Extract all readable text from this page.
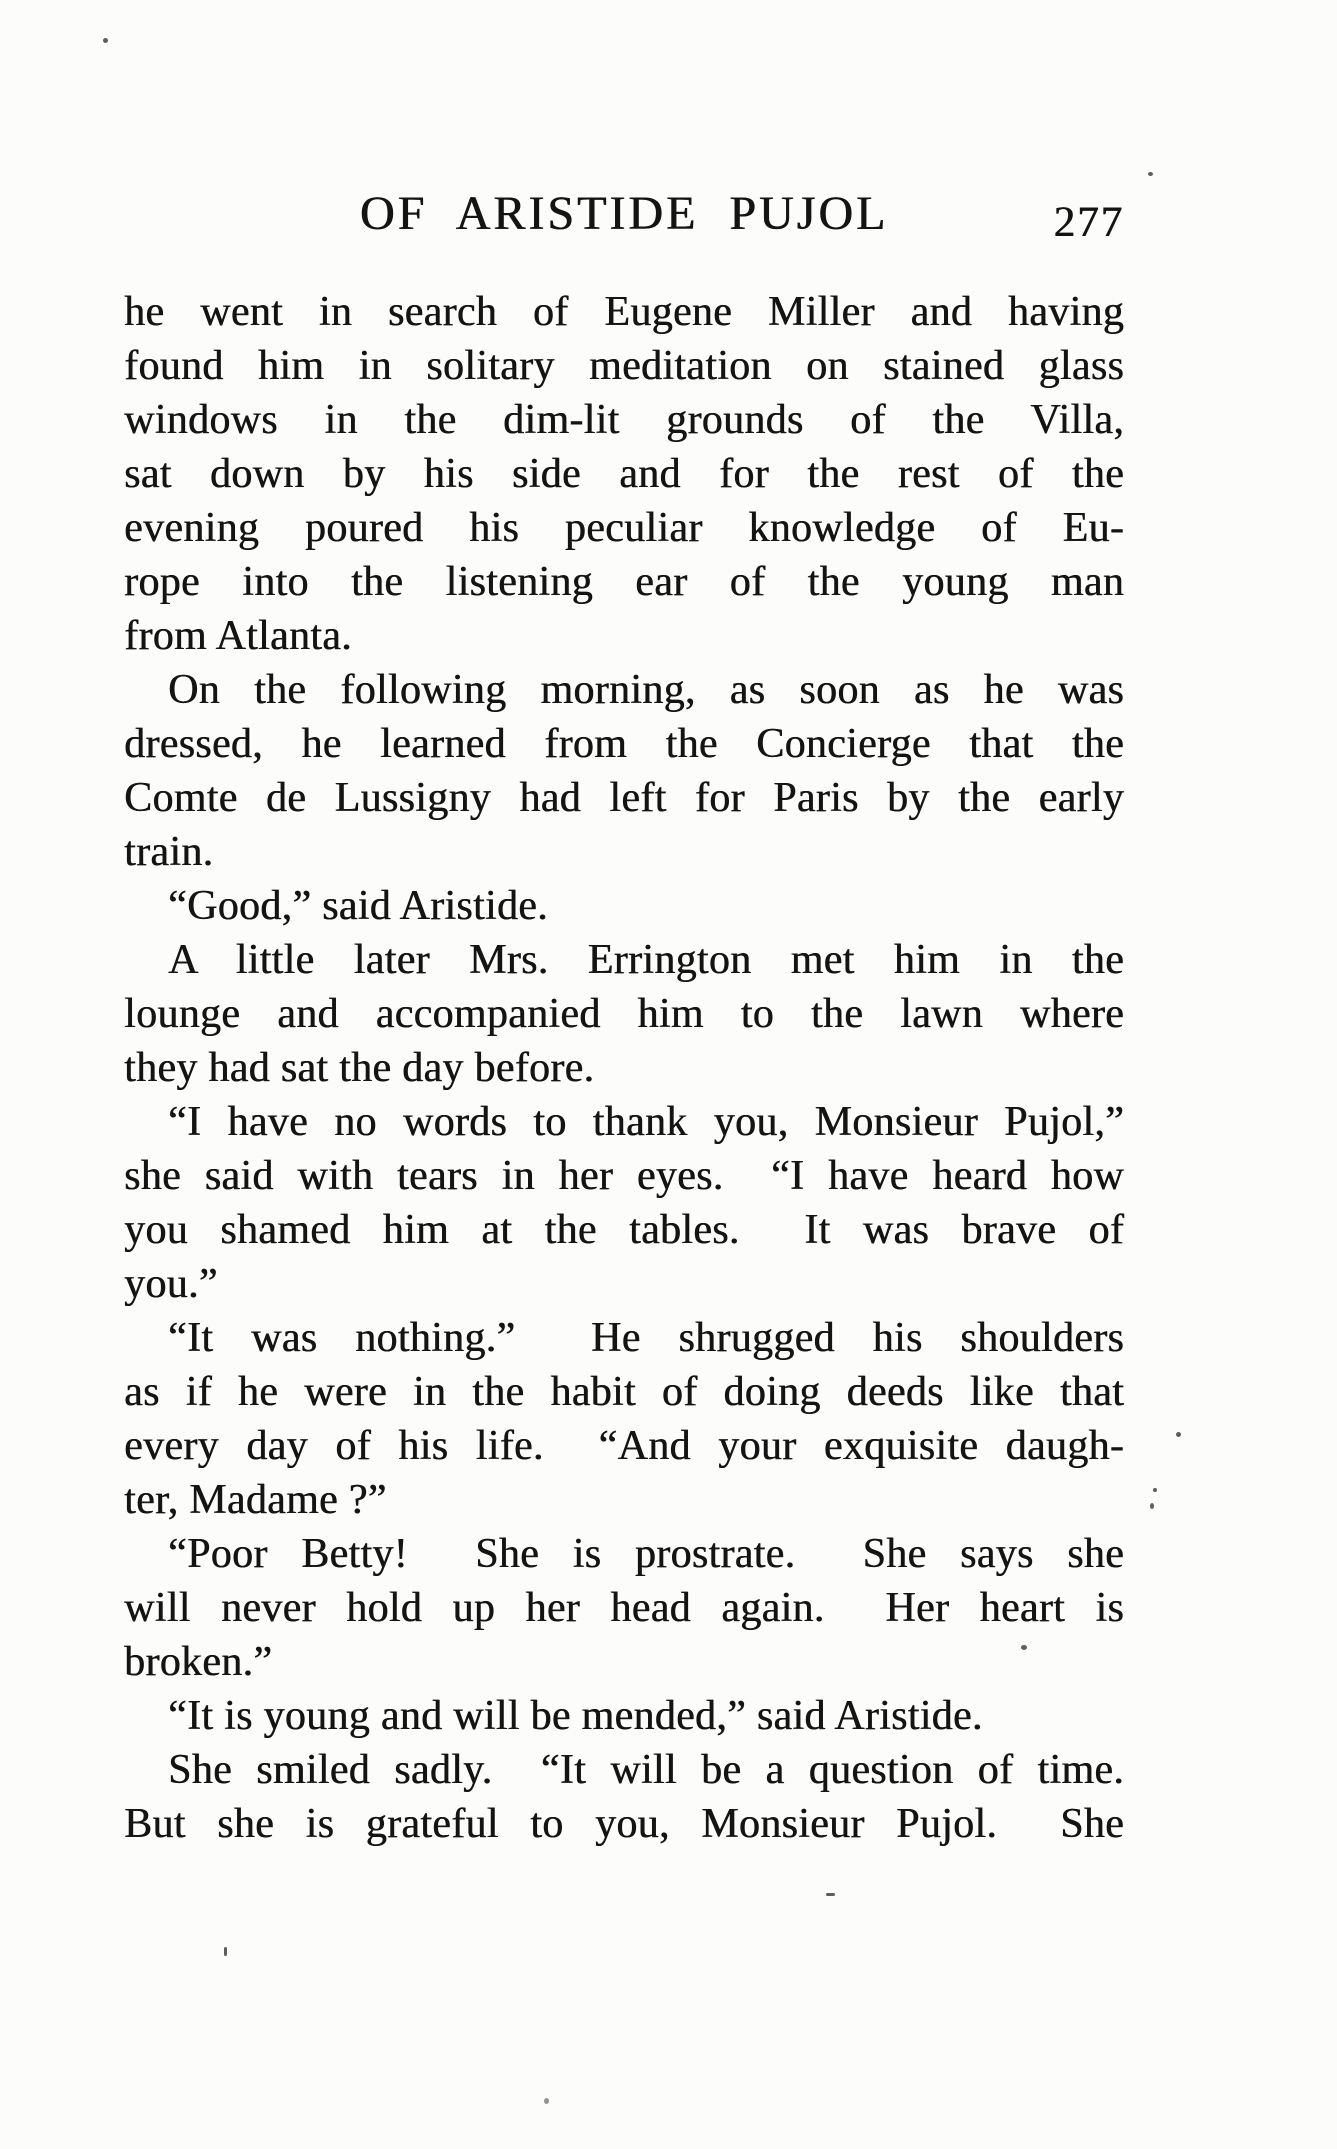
OF ARISTIDE PUJOL	277
he went in search of Eugene Miller and having
found him in solitary meditation on stained glass
windows in the dim-lit grounds of the Villa,
sat down by his side and for the rest of the
evening poured his peculiar knowledge of Eu-
rope into the listening ear of the young man
from Atlanta.
On the following morning, as soon as he was
dressed, he learned from the Concierge that the
Comte de Lussigny had left for Paris by the early
train.
“Good,” said Aristide.
A little later Mrs. Errington met him in the
lounge and accompanied him to the lawn where
they had sat the day before.
“I have no words to thank you, Monsieur Pujol,”
she said with tears in her eyes.  “I have heard how
you shamed him at the tables.  It was brave of
you.”
“It was nothing.”  He shrugged his shoulders
as if he were in the habit of doing deeds like that
every day of his life.  “And your exquisite daugh-
ter, Madame ?”
“Poor Betty!  She is prostrate.  She says she
will never hold up her head again.  Her heart is
broken.”
“It is young and will be mended,” said Aristide.
She smiled sadly.  “It will be a question of time.
But she is grateful to you, Monsieur Pujol.  She
